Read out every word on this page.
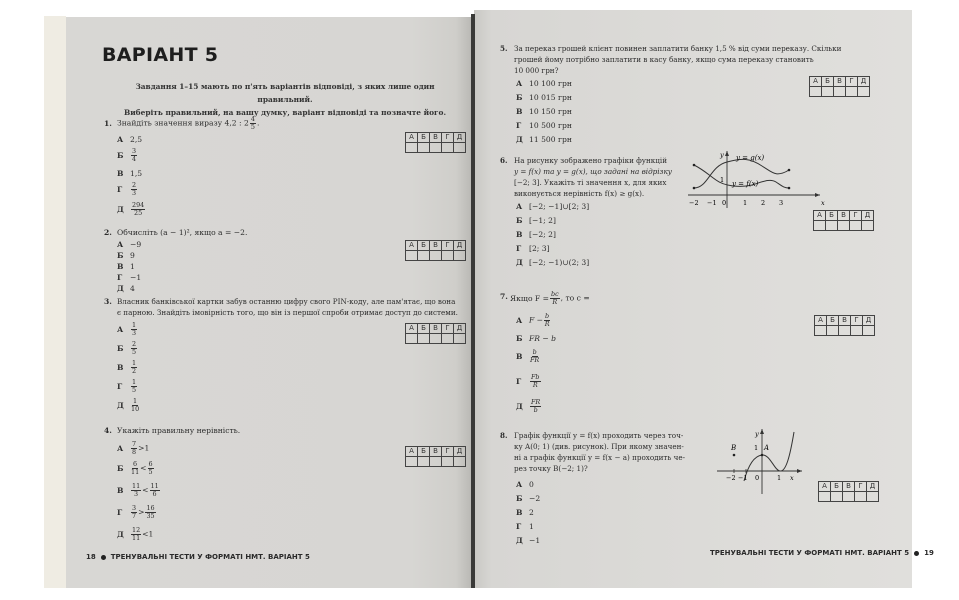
ВАРІАНТ 5
Завдання 1–15 мають по п'ять варіантів відповіді, з яких лише один правильний.
Виберіть правильний, на вашу думку, варіант відповіді та позначте його.
1. Знайдіть значення виразу 4,2 : $2 \frac{4}{5}$ .
А 2,5
Б $\frac{3}{4}$
В 1,5
Г $\frac{2}{3}$
Д $\frac{294}{25}$
А	Б	В	Г	Д

2. Обчисліть (a − 1)², якщо a = −2.
А −9
Б 9
В 1
Г −1
Д 4
А	Б	В	Г	Д

3. Власник банківської картки забув останню цифру свого PIN-коду, але пам'ятає, що вона
є парною. Знайдіть імовірність того, що він із першої спроби отримає доступ до системи.
А $\frac{1}{3}$
Б $\frac{2}{5}$
В $\frac{1}{2}$
Г $\frac{1}{5}$
Д $\frac{1}{10}$
А	Б	В	Г	Д

4. Укажіть правильну нерівність.
А $\frac{7}{8} >1$
Б $\frac{6}{11} < \frac{6}{5}$
В $\frac{11}{3} < \frac{11}{6}$
Г $\frac{3}{7} > \frac{16}{35}$
Д $\frac{12}{11} <1$
А	Б	В	Г	Д

18 ТРЕНУВАЛЬНІ ТЕСТИ У ФОРМАТІ НМТ. ВАРІАНТ 5
5. За переказ грошей клієнт повинен заплатити банку 1,5 % від суми переказу. Скільки
грошей йому потрібно заплатити в касу банку, якщо сума переказу становить
10 000 грн?
А 10 100 грн
Б 10 015 грн
В 10 150 грн
Г 10 500 грн
Д 11 500 грн
А	Б	В	Г	Д

6. На рисунку зображено графіки функцій
y = f(x) та y = g(x), що задані на відрізку
[−2; 3]. Укажіть ті значення x, для яких
виконується нерівність f(x) ≥ g(x).
А [−2; −1]∪[2; 3]
Б [−1; 2]
В [−2; 2]
Г [2; 3]
Д [−2; −1)∪(2; 3]
y = g(x)
y = f(x)
y
x
1
−2 −1 0	1 2 3
А	Б	В	Г	Д

7. Якщо $F = \frac{bc}{R}$ , то c =
А $F - \frac{b}{R}$
Б FR − b
В $\frac{b}{FR}$
Г $\frac{Fb}{R}$
Д $\frac{FR}{b}$
А	Б	В	Г	Д

8. Графік функції y = f(x) проходить через точ-
ку A(0; 1) (див. рисунок). При якому значен-
ні a графік функції y = f(x − a) проходить че-
рез точку B(−2; 1)?
А 0
Б −2
В 2
Г 1
Д −1
A
B	1
y
x
−2 −1 0	1
А	Б	В	Г	Д

ТРЕНУВАЛЬНІ ТЕСТИ У ФОРМАТІ НМТ. ВАРІАНТ 5 19
